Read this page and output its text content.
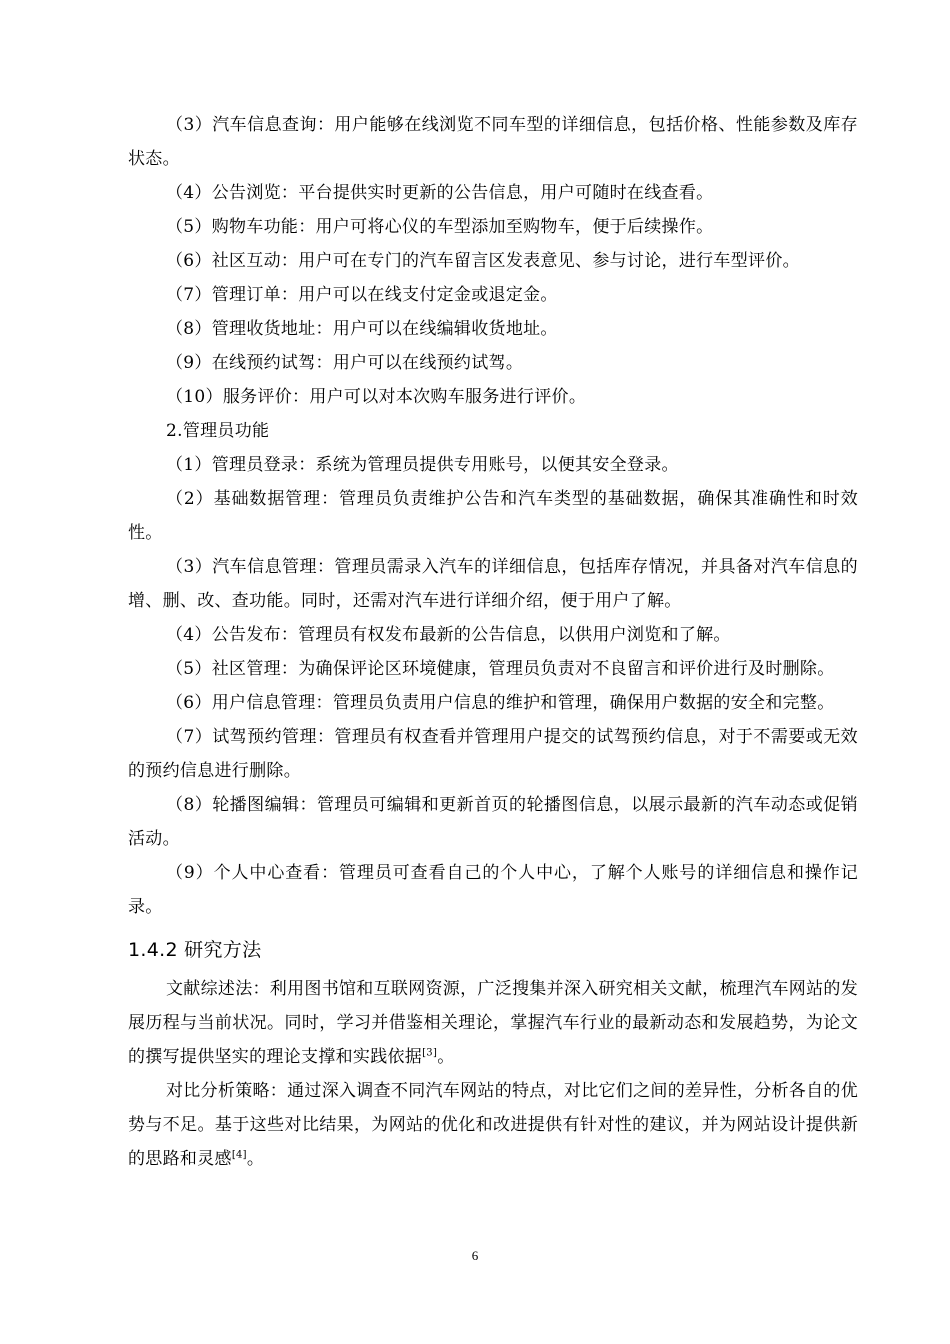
（3）汽车信息查询：用户能够在线浏览不同车型的详细信息，包括价格、性能参数及库存状态。

（4）公告浏览：平台提供实时更新的公告信息，用户可随时在线查看。

（5）购物车功能：用户可将心仪的车型添加至购物车，便于后续操作。

（6）社区互动：用户可在专门的汽车留言区发表意见、参与讨论，进行车型评价。

（7）管理订单：用户可以在线支付定金或退定金。

（8）管理收货地址：用户可以在线编辑收货地址。

（9）在线预约试驾：用户可以在线预约试驾。

（10）服务评价：用户可以对本次购车服务进行评价。

2.管理员功能

（1）管理员登录：系统为管理员提供专用账号，以便其安全登录。

（2）基础数据管理：管理员负责维护公告和汽车类型的基础数据，确保其准确性和时效性。

（3）汽车信息管理：管理员需录入汽车的详细信息，包括库存情况，并具备对汽车信息的增、删、改、查功能。同时，还需对汽车进行详细介绍，便于用户了解。

（4）公告发布：管理员有权发布最新的公告信息，以供用户浏览和了解。

（5）社区管理：为确保评论区环境健康，管理员负责对不良留言和评价进行及时删除。

（6）用户信息管理：管理员负责用户信息的维护和管理，确保用户数据的安全和完整。

（7）试驾预约管理：管理员有权查看并管理用户提交的试驾预约信息，对于不需要或无效的预约信息进行删除。

（8）轮播图编辑：管理员可编辑和更新首页的轮播图信息，以展示最新的汽车动态或促销活动。

（9）个人中心查看：管理员可查看自己的个人中心，了解个人账号的详细信息和操作记录。

1.4.2 研究方法

文献综述法：利用图书馆和互联网资源，广泛搜集并深入研究相关文献，梳理汽车网站的发展历程与当前状况。同时，学习并借鉴相关理论，掌握汽车行业的最新动态和发展趋势，为论文的撰写提供坚实的理论支撑和实践依据[3]。

对比分析策略：通过深入调查不同汽车网站的特点，对比它们之间的差异性，分析各自的优势与不足。基于这些对比结果，为网站的优化和改进提供有针对性的建议，并为网站设计提供新的思路和灵感[4]。

6
